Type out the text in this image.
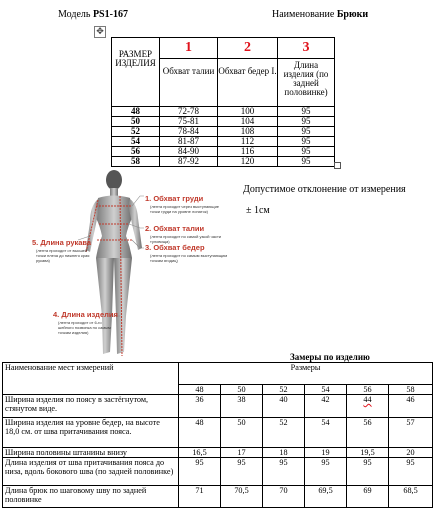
Модель PS1-167	Наименование Брюки
✥
РАЗМЕР ИЗДЕЛИЯ	1	2	3
	Обхват талии	Обхват бедер I.	Длина изделия (по задней половинке)
48	72-78	100	95
50	75-81	104	95
52	78-84	108	95
54	81-87	112	95
56	84-90	116	95
58	87-92	120	95
1. Обхват груди
(лента проходит через выступающие точки груди на уровне лопаток)
2. Обхват талии
(лента проходит по самой узкой части туловища)
3. Обхват бедер
(лента проходит по самым выступающим точкам ягодиц)
4. Длина изделия
(лента проходит от 6-го шейного позвонка по самым точкам изделия)
5. Длина рукава
(лента проходит от высшей точки плеча до нижнего края рукава)
Допустимое отклонение от измерения
± 1см
Замеры по изделию
Наименование мест измерений	Размеры					
	48	50	52	54	56	58
Ширина изделия по поясу в застёгнутом, стянутом виде.	36	38	40	42	44	46
Ширина изделия на уровне бедер, на высоте 18,0 см. от шва притачивания пояса.	48	50	52	54	56	57
Ширина половины штанины внизу	16,5	17	18	19	19,5	20
Длина изделия от шва притачивания пояса до низа, вдоль бокового шва (по задней половинке)	95	95	95	95	95	95
Длина брюк по шаговому шву по задней половинке	71	70,5	70	69,5	69	68,5
